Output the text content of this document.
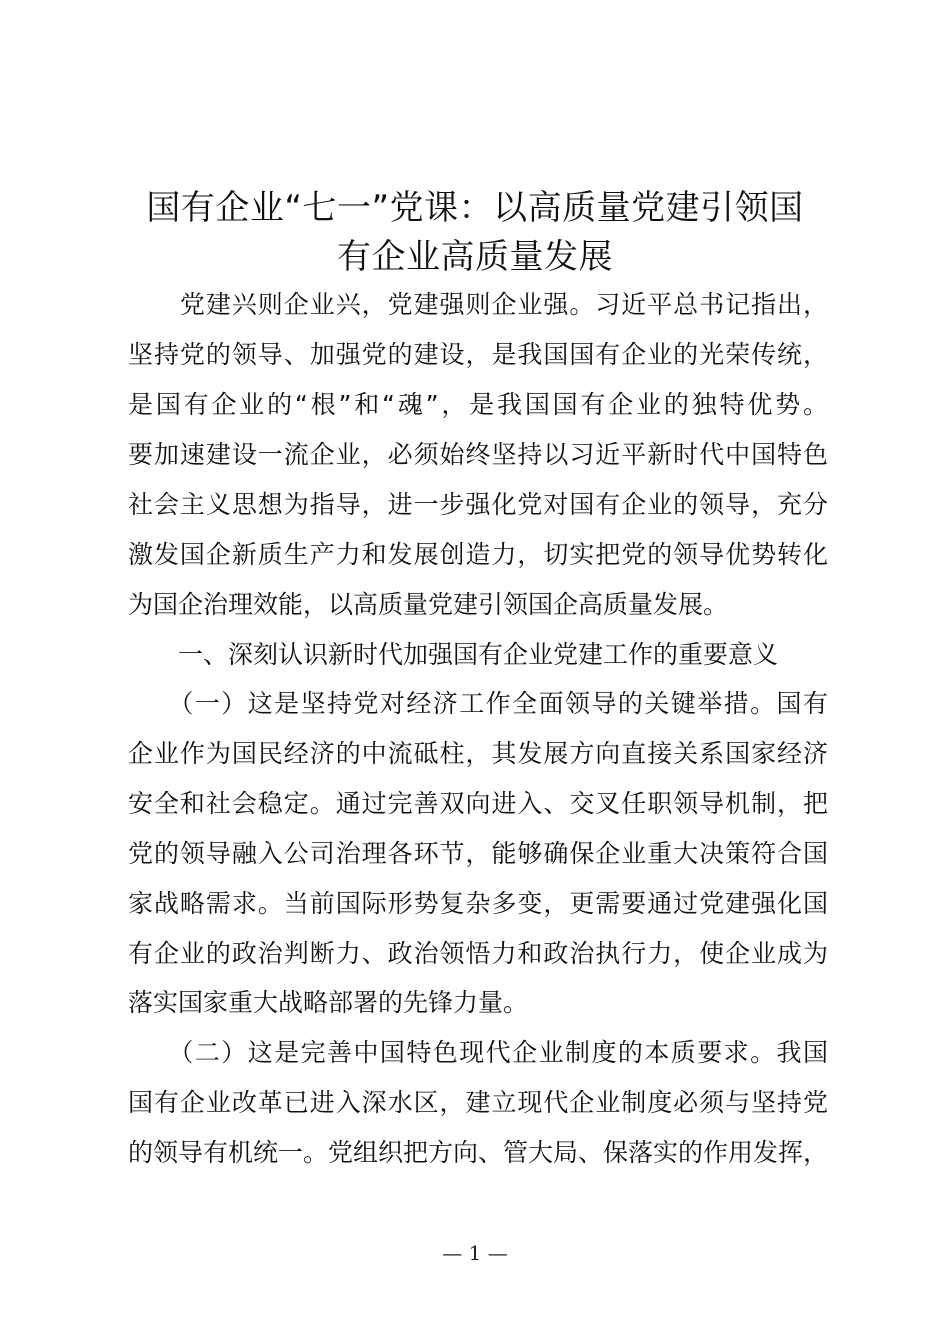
国有企业“七一”党课：以高质量党建引领国
有企业高质量发展

　　党建兴则企业兴，党建强则企业强。习近平总书记指出，

坚持党的领导、加强党的建设，是我国国有企业的光荣传统，

是国有企业的“根”和“魂”，是我国国有企业的独特优势。

要加速建设一流企业，必须始终坚持以习近平新时代中国特色

社会主义思想为指导，进一步强化党对国有企业的领导，充分

激发国企新质生产力和发展创造力，切实把党的领导优势转化

为国企治理效能，以高质量党建引领国企高质量发展。

　　一、深刻认识新时代加强国有企业党建工作的重要意义

　　（一）这是坚持党对经济工作全面领导的关键举措。国有

企业作为国民经济的中流砥柱，其发展方向直接关系国家经济

安全和社会稳定。通过完善双向进入、交叉任职领导机制，把

党的领导融入公司治理各环节，能够确保企业重大决策符合国

家战略需求。当前国际形势复杂多变，更需要通过党建强化国

有企业的政治判断力、政治领悟力和政治执行力，使企业成为

落实国家重大战略部署的先锋力量。

　　（二）这是完善中国特色现代企业制度的本质要求。我国

国有企业改革已进入深水区，建立现代企业制度必须与坚持党

的领导有机统一。党组织把方向、管大局、保落实的作用发挥，

— 1 —
